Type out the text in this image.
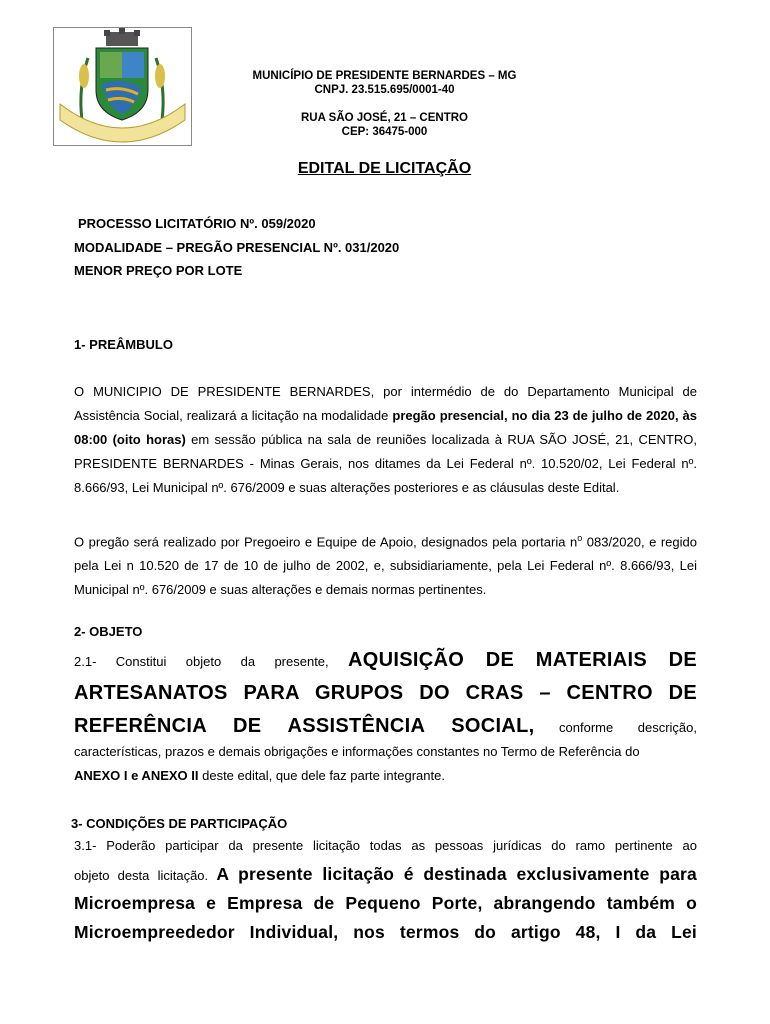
MUNICÍPIO DE PRESIDENTE BERNARDES – MG
CNPJ. 23.515.695/0001-40
RUA SÃO JOSÉ, 21 – CENTRO
CEP: 36475-000
EDITAL DE LICITAÇÃO
PROCESSO LICITATÓRIO Nº. 059/2020
MODALIDADE – PREGÃO PRESENCIAL Nº. 031/2020
MENOR PREÇO POR LOTE
1- PREÂMBULO
O MUNICIPIO DE PRESIDENTE BERNARDES, por intermédio de do Departamento Municipal de Assistência Social, realizará a licitação na modalidade pregão presencial, no dia 23 de julho de 2020, às 08:00 (oito horas) em sessão pública na sala de reuniões localizada à RUA SÃO JOSÉ, 21, CENTRO, PRESIDENTE BERNARDES - Minas Gerais, nos ditames da Lei Federal nº. 10.520/02, Lei Federal nº. 8.666/93, Lei Municipal nº. 676/2009 e suas alterações posteriores e as cláusulas deste Edital.
O pregão será realizado por Pregoeiro e Equipe de Apoio, designados pela portaria $n^o$ 083/2020, e regido pela Lei n 10.520 de 17 de 10 de julho de 2002, e, subsidiariamente, pela Lei Federal nº. 8.666/93, Lei Municipal nº. 676/2009 e suas alterações e demais normas pertinentes.
2- OBJETO
2.1- Constitui objeto da presente, AQUISIÇÃO DE MATERIAIS DE
ARTESANATOS PARA GRUPOS DO CRAS – CENTRO DE
REFERÊNCIA DE ASSISTÊNCIA SOCIAL, conforme descrição,
características, prazos e demais obrigações e informações constantes no Termo de Referência do
ANEXO I e ANEXO II deste edital, que dele faz parte integrante.
3- CONDIÇÕES DE PARTICIPAÇÃO
3.1- Poderão participar da presente licitação todas as pessoas jurídicas do ramo pertinente ao
objeto desta licitação. A presente licitação é destinada exclusivamente para
Microempresa e Empresa de Pequeno Porte, abrangendo também o
Microempreededor Individual, nos termos do artigo 48, I da Lei
